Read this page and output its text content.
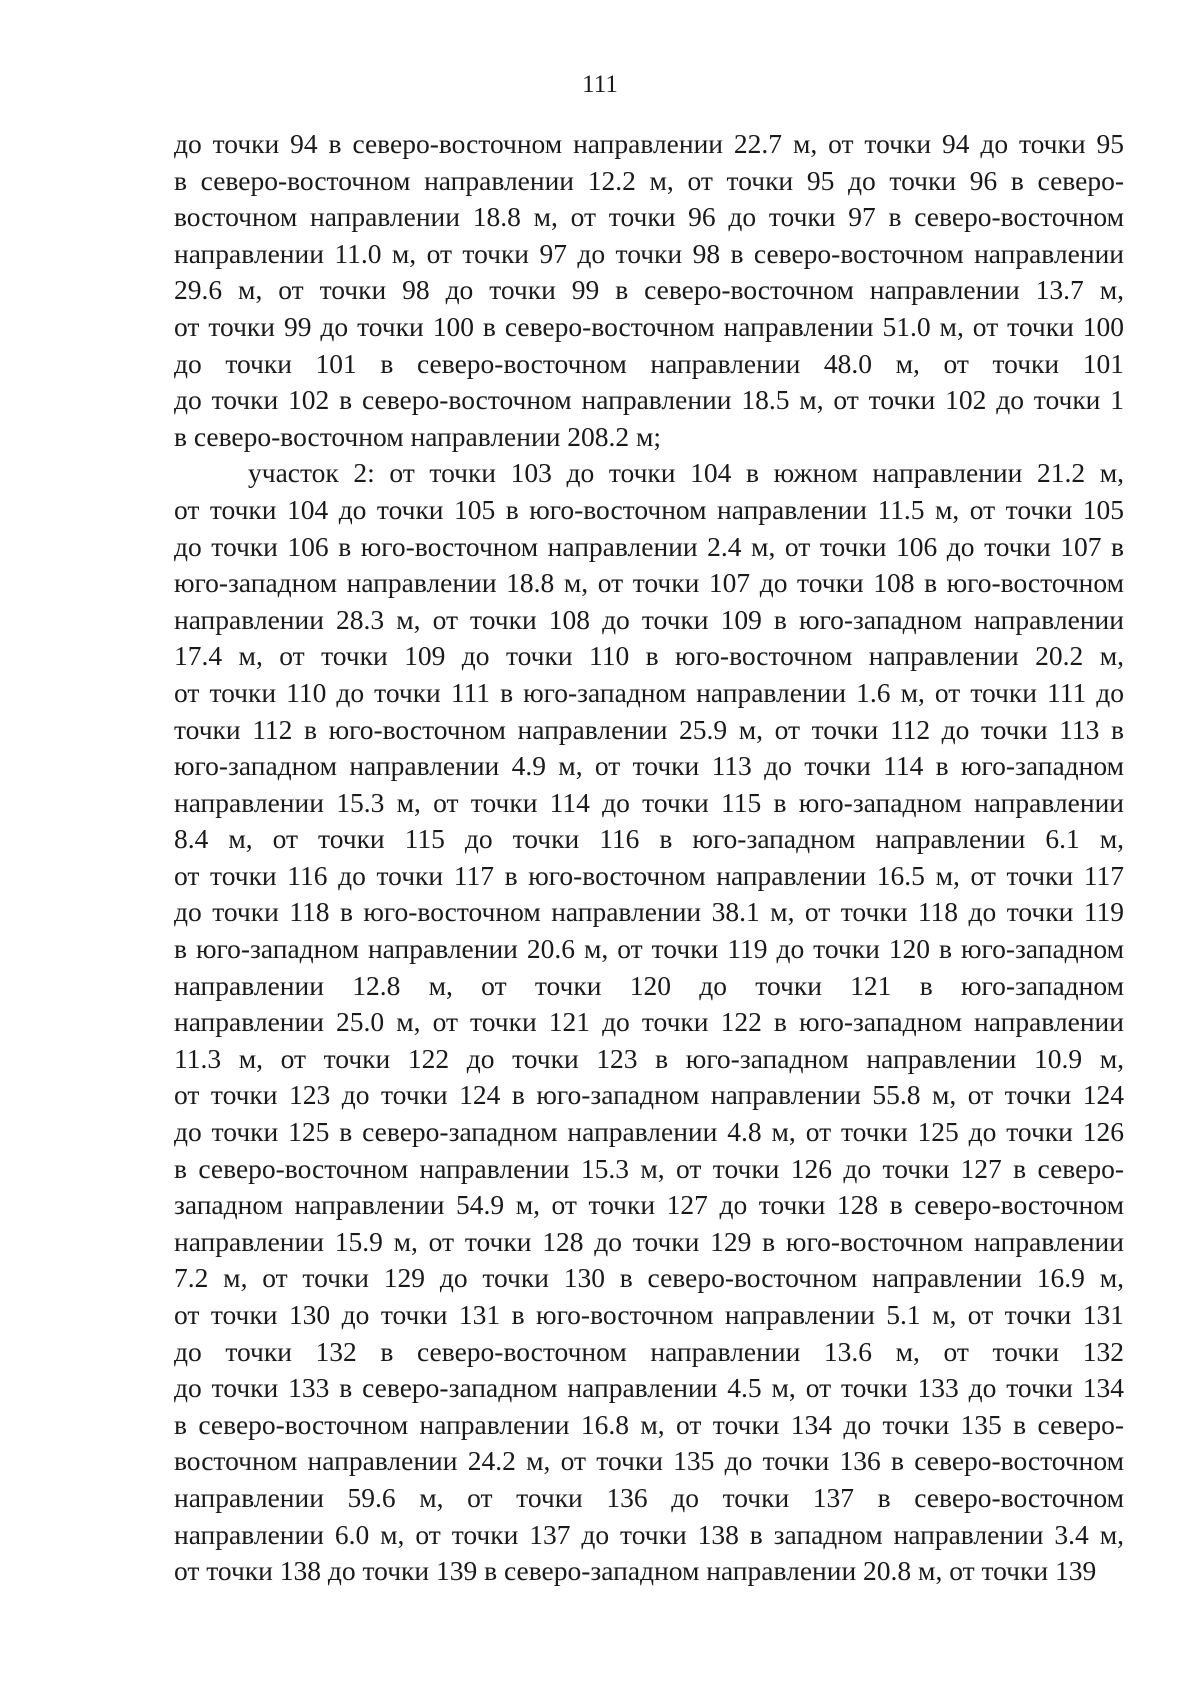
111
до точки 94 в северо-восточном направлении 22.7 м, от точки 94 до точки 95
в северо-восточном направлении 12.2 м, от точки 95 до точки 96 в северо-
восточном направлении 18.8 м, от точки 96 до точки 97 в северо-восточном
направлении 11.0 м, от точки 97 до точки 98 в северо-восточном направлении
29.6 м, от точки 98 до точки 99 в северо-восточном направлении 13.7 м,
от точки 99 до точки 100 в северо-восточном направлении 51.0 м, от точки 100
до точки 101 в северо-восточном направлении 48.0 м, от точки 101
до точки 102 в северо-восточном направлении 18.5 м, от точки 102 до точки 1
в северо-восточном направлении 208.2 м;
участок 2: от точки 103 до точки 104 в южном направлении 21.2 м,
от точки 104 до точки 105 в юго-восточном направлении 11.5 м, от точки 105
до точки 106 в юго-восточном направлении 2.4 м, от точки 106 до точки 107 в
юго-западном направлении 18.8 м, от точки 107 до точки 108 в юго-восточном
направлении 28.3 м, от точки 108 до точки 109 в юго-западном направлении
17.4 м, от точки 109 до точки 110 в юго-восточном направлении 20.2 м,
от точки 110 до точки 111 в юго-западном направлении 1.6 м, от точки 111 до
точки 112 в юго-восточном направлении 25.9 м, от точки 112 до точки 113 в
юго-западном направлении 4.9 м, от точки 113 до точки 114 в юго-западном
направлении 15.3 м, от точки 114 до точки 115 в юго-западном направлении
8.4 м, от точки 115 до точки 116 в юго-западном направлении 6.1 м,
от точки 116 до точки 117 в юго-восточном направлении 16.5 м, от точки 117
до точки 118 в юго-восточном направлении 38.1 м, от точки 118 до точки 119
в юго-западном направлении 20.6 м, от точки 119 до точки 120 в юго-западном
направлении 12.8 м, от точки 120 до точки 121 в юго-западном
направлении 25.0 м, от точки 121 до точки 122 в юго-западном направлении
11.3 м, от точки 122 до точки 123 в юго-западном направлении 10.9 м,
от точки 123 до точки 124 в юго-западном направлении 55.8 м, от точки 124
до точки 125 в северо-западном направлении 4.8 м, от точки 125 до точки 126
в северо-восточном направлении 15.3 м, от точки 126 до точки 127 в северо-
западном направлении 54.9 м, от точки 127 до точки 128 в северо-восточном
направлении 15.9 м, от точки 128 до точки 129 в юго-восточном направлении
7.2 м, от точки 129 до точки 130 в северо-восточном направлении 16.9 м,
от точки 130 до точки 131 в юго-восточном направлении 5.1 м, от точки 131
до точки 132 в северо-восточном направлении 13.6 м, от точки 132
до точки 133 в северо-западном направлении 4.5 м, от точки 133 до точки 134
в северо-восточном направлении 16.8 м, от точки 134 до точки 135 в северо-
восточном направлении 24.2 м, от точки 135 до точки 136 в северо-восточном
направлении 59.6 м, от точки 136 до точки 137 в северо-восточном
направлении 6.0 м, от точки 137 до точки 138 в западном направлении 3.4 м,
от точки 138 до точки 139 в северо-западном направлении 20.8 м, от точки 139
